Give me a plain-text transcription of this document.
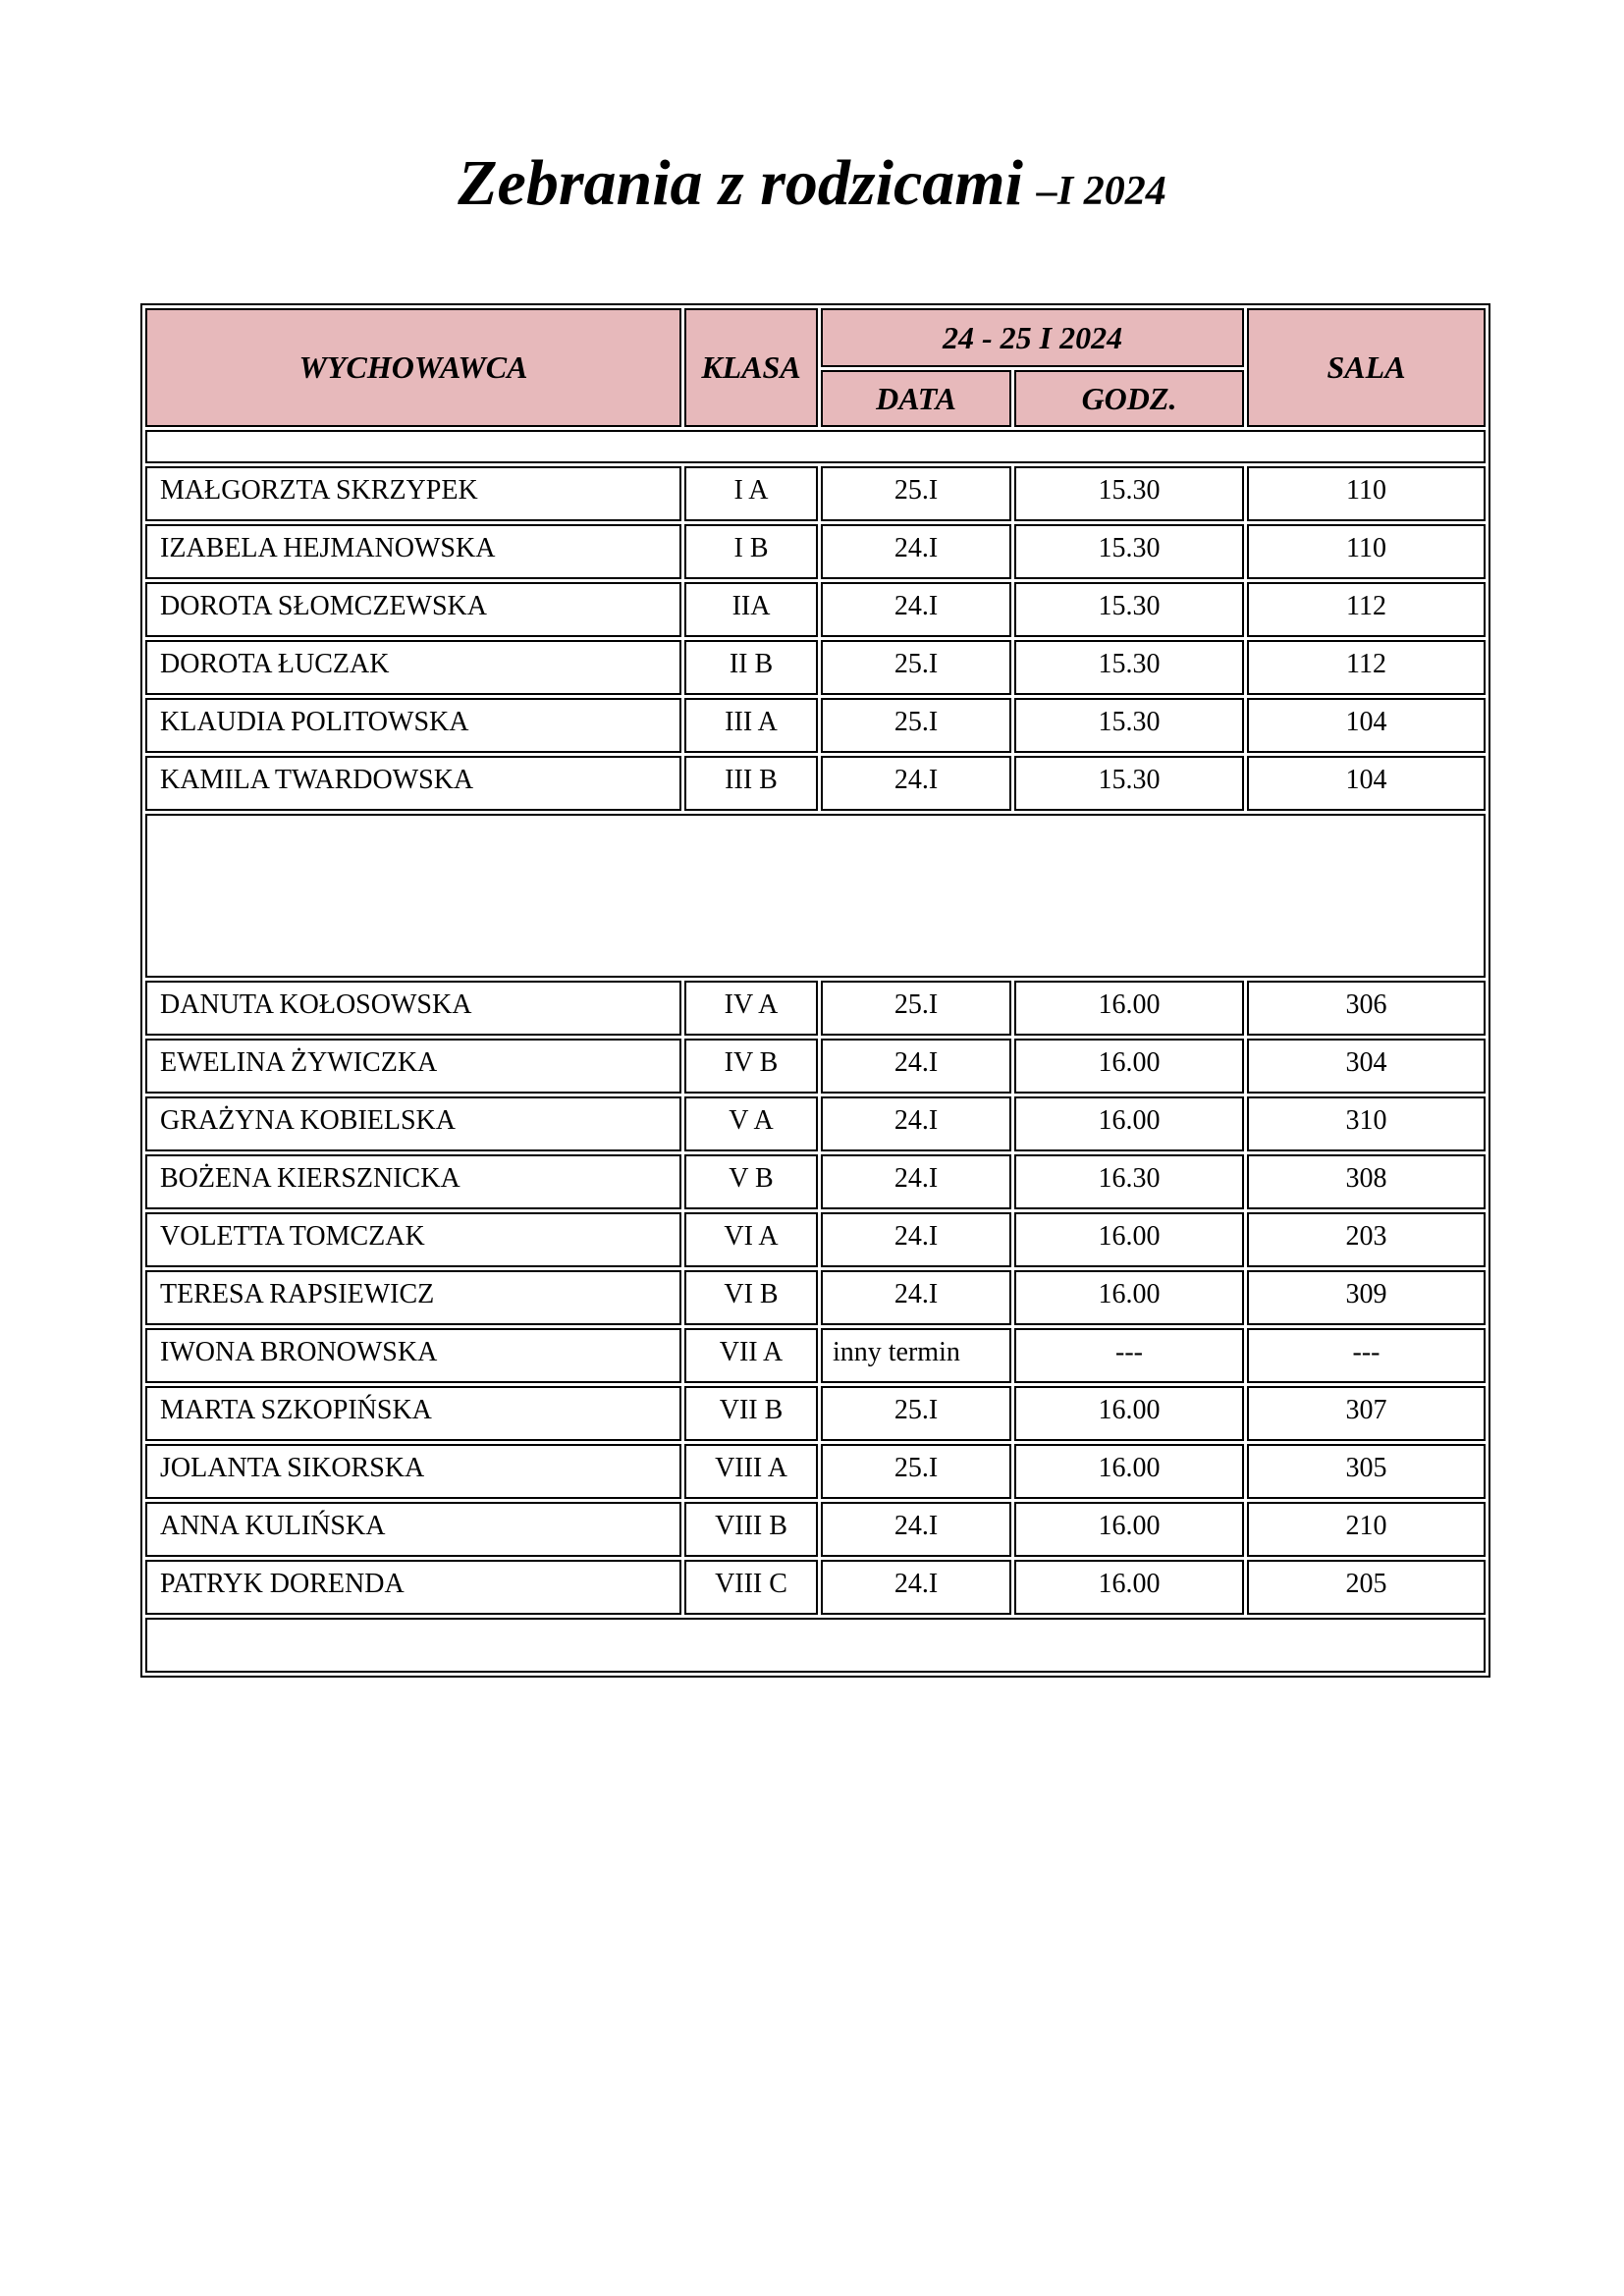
Zebrania z rodzicami –I 2024
WYCHOWAWCA	KLASA	24 - 25 I 2024		SALA
		DATA	GODZ.	

MAŁGORZTA SKRZYPEK	I A	25.I	15.30	110
IZABELA HEJMANOWSKA	I B	24.I	15.30	110
DOROTA SŁOMCZEWSKA	IIA	24.I	15.30	112
DOROTA ŁUCZAK	II B	25.I	15.30	112
KLAUDIA POLITOWSKA	III A	25.I	15.30	104
KAMILA TWARDOWSKA	III B	24.I	15.30	104

DANUTA KOŁOSOWSKA	IV A	25.I	16.00	306
EWELINA ŻYWICZKA	IV B	24.I	16.00	304
GRAŻYNA KOBIELSKA	V A	24.I	16.00	310
BOŻENA KIERSZNICKA	V B	24.I	16.30	308
VOLETTA TOMCZAK	VI A	24.I	16.00	203
TERESA RAPSIEWICZ	VI B	24.I	16.00	309
IWONA BRONOWSKA	VII A	inny termin	---	---
MARTA SZKOPIŃSKA	VII B	25.I	16.00	307
JOLANTA SIKORSKA	VIII A	25.I	16.00	305
ANNA KULIŃSKA	VIII B	24.I	16.00	210
PATRYK DORENDA	VIII C	24.I	16.00	205
